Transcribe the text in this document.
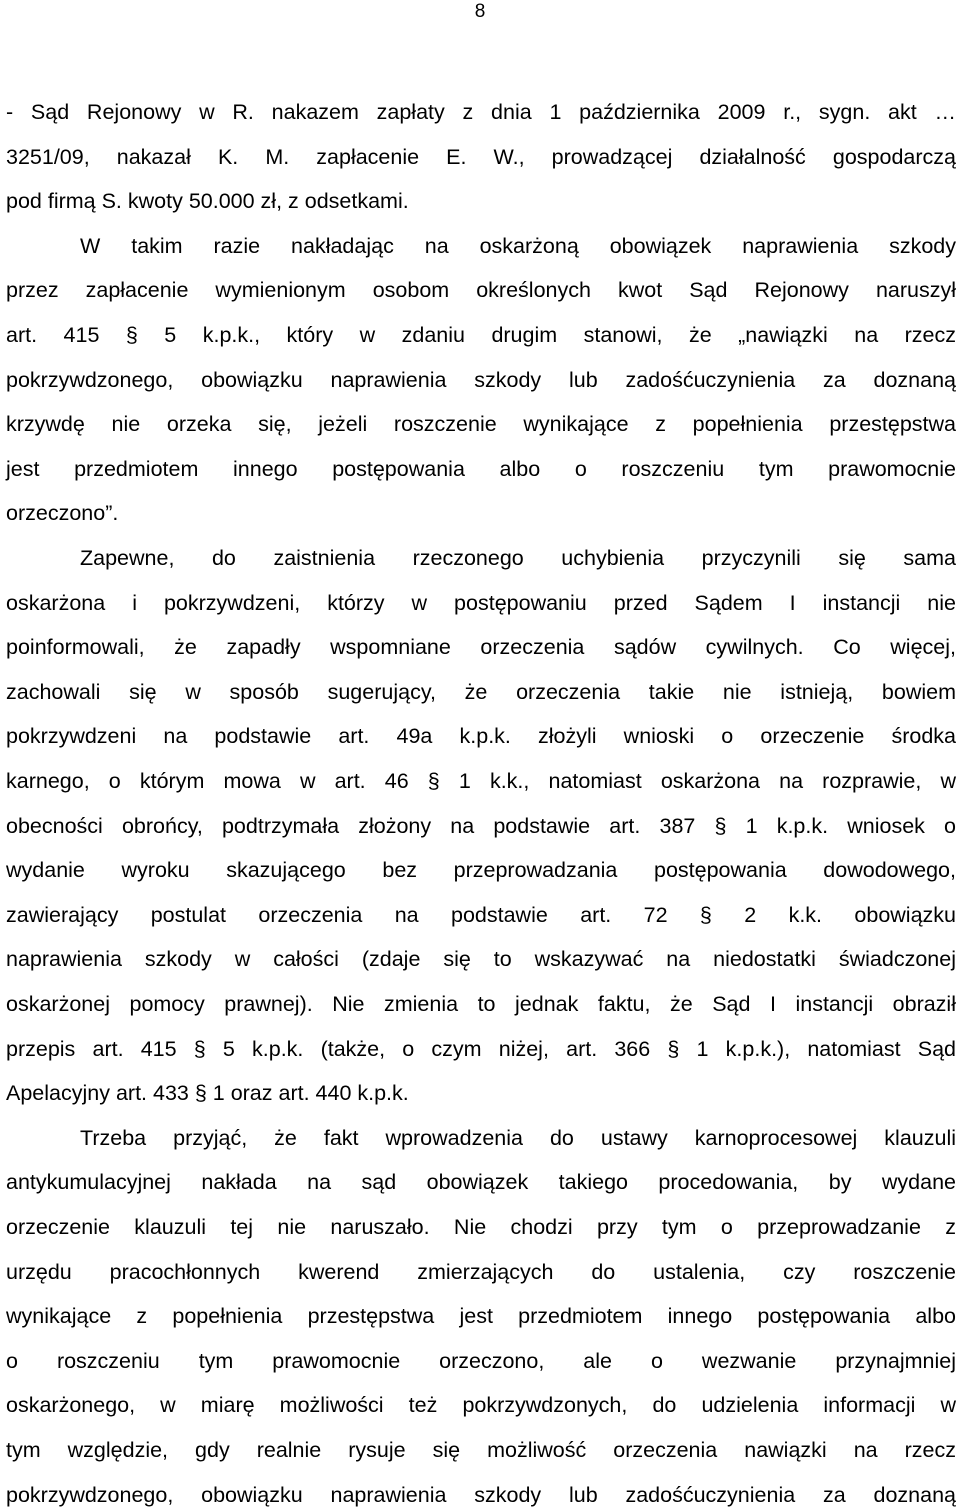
8
- Sąd Rejonowy w R. nakazem zapłaty z dnia 1 października 2009 r., sygn. akt …
3251/09, nakazał K. M. zapłacenie E. W., prowadzącej działalność gospodarczą
pod firmą S. kwoty 50.000 zł, z odsetkami.
W takim razie nakładając na oskarżoną obowiązek naprawienia szkody
przez zapłacenie wymienionym osobom określonych kwot Sąd Rejonowy naruszył
art. 415 § 5 k.p.k., który w zdaniu drugim stanowi, że „nawiązki na rzecz
pokrzywdzonego, obowiązku naprawienia szkody lub zadośćuczynienia za doznaną
krzywdę nie orzeka się, jeżeli roszczenie wynikające z popełnienia przestępstwa
jest przedmiotem innego postępowania albo o roszczeniu tym prawomocnie
orzeczono”.
Zapewne, do zaistnienia rzeczonego uchybienia przyczynili się sama
oskarżona i pokrzywdzeni, którzy w postępowaniu przed Sądem I instancji nie
poinformowali, że zapadły wspomniane orzeczenia sądów cywilnych. Co więcej,
zachowali się w sposób sugerujący, że orzeczenia takie nie istnieją, bowiem
pokrzywdzeni na podstawie art. 49a k.p.k. złożyli wnioski o orzeczenie środka
karnego, o którym mowa w art. 46 § 1 k.k., natomiast oskarżona na rozprawie, w
obecności obrońcy, podtrzymała złożony na podstawie art. 387 § 1 k.p.k. wniosek o
wydanie wyroku skazującego bez przeprowadzania postępowania dowodowego,
zawierający postulat orzeczenia na podstawie art. 72 § 2 k.k. obowiązku
naprawienia szkody w całości (zdaje się to wskazywać na niedostatki świadczonej
oskarżonej pomocy prawnej). Nie zmienia to jednak faktu, że Sąd I instancji obraził
przepis art. 415 § 5 k.p.k. (także, o czym niżej, art. 366 § 1 k.p.k.), natomiast Sąd
Apelacyjny art. 433 § 1 oraz art. 440 k.p.k.
Trzeba przyjąć, że fakt wprowadzenia do ustawy karnoprocesowej klauzuli
antykumulacyjnej nakłada na sąd obowiązek takiego procedowania, by wydane
orzeczenie klauzuli tej nie naruszało. Nie chodzi przy tym o przeprowadzanie z
urzędu pracochłonnych kwerend zmierzających do ustalenia, czy roszczenie
wynikające z popełnienia przestępstwa jest przedmiotem innego postępowania albo
o roszczeniu tym prawomocnie orzeczono, ale o wezwanie przynajmniej
oskarżonego, w miarę możliwości też pokrzywdzonych, do udzielenia informacji w
tym względzie, gdy realnie rysuje się możliwość orzeczenia nawiązki na rzecz
pokrzywdzonego, obowiązku naprawienia szkody lub zadośćuczynienia za doznaną
